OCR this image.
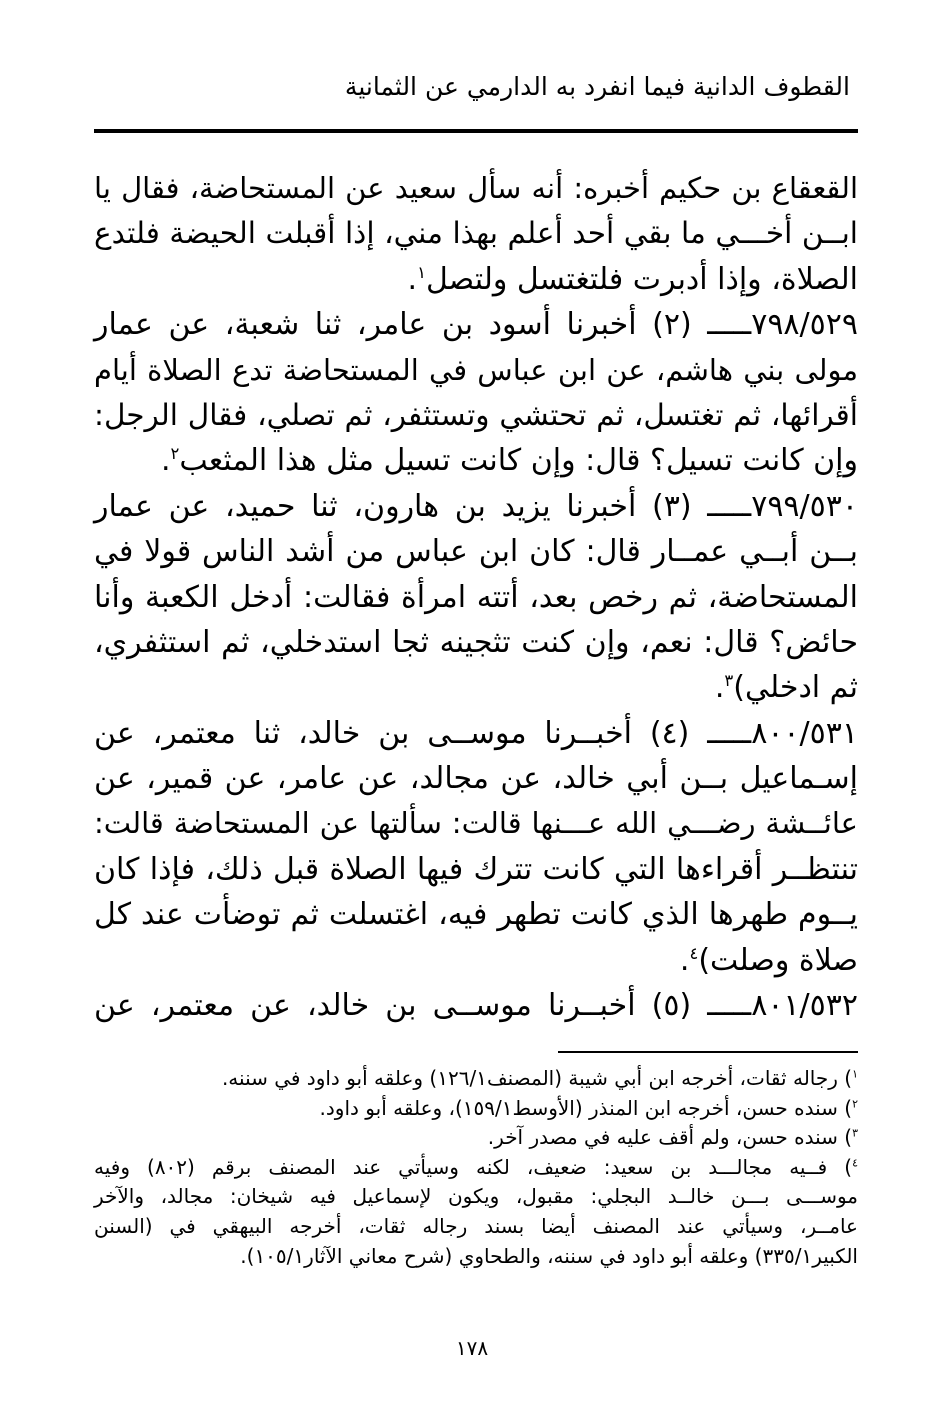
القطوف الدانية فيما انفرد به الدارمي عن الثمانية
القعقاع بن حكيم أخبره: أنه سأل سعيد عن المستحاضة، فقال يا
ابــن أخـــي ما بقي أحد أعلم بهذا مني، إذا أقبلت الحيضة فلتدع
الصلاة، وإذا أدبرت فلتغتسل ولتصل$^١$.
٧٩٨/٥٢٩ـــــ (٢) أخبرنا أسود بن عامر، ثنا شعبة، عن عمار
مولى بني هاشم، عن ابن عباس في المستحاضة تدع الصلاة أيام
أقرائها، ثم تغتسل، ثم تحتشي وتستثفر، ثم تصلي، فقال الرجل:
وإن كانت تسيل؟ قال: وإن كانت تسيل مثل هذا المثعب$^٢$.
٧٩٩/٥٣٠ـــــ (٣) أخبرنا يزيد بن هارون، ثنا حميد، عن عمار
بــن أبــي عمــار قال: كان ابن عباس من أشد الناس قولا في
المستحاضة، ثم رخص بعد، أتته امرأة فقالت: أدخل الكعبة وأنا
حائض؟ قال: نعم، وإن كنت تثجينه ثجا استدخلي، ثم استثفري،
ثم ادخلي)$^٣$.
٨٠٠/٥٣١ـــــ (٤) أخبــرنا موســى بن خالد، ثنا معتمر، عن
إسـماعيل بــن أبي خالد، عن مجالد، عن عامر، عن قمير، عن
عائــشة رضـــي الله عـــنها قالت: سألتها عن المستحاضة قالت:
تنتظــر أقراءها التي كانت تترك فيها الصلاة قبل ذلك، فإذا كان
يــوم طهرها الذي كانت تطهر فيه، اغتسلت ثم توضأت عند كل
صلاة وصلت)$^٤$.
٨٠١/٥٣٢ـــــ (٥) أخبــرنا موســى بن خالد، عن معتمر، عن
$^١$) رجاله ثقات، أخرجه ابن أبي شيبة (المصنف١٢٦/١) وعلقه أبو داود في سننه.
$^٢$) سنده حسن، أخرجه ابن المنذر (الأوسط١٥٩/١)، وعلقه أبو داود.
$^٣$) سنده حسن، ولم أقف عليه في مصدر آخر.
$^٤$) فــيه مجالـــد بن سعيد: ضعيف، لكنه وسيأتي عند المصنف برقم (٨٠٢) وفيه
موســـى بـــن خالــد البجلي: مقبول، ويكون لإسماعيل فيه شيخان: مجالد، والآخر
عامــر، وسيأتي عند المصنف أيضا بسند رجاله ثقات، أخرجه البيهقي في (السنن
الكبير٣٣٥/١) وعلقه أبو داود في سننه، والطحاوي (شرح معاني الآثار١٠٥/١).
١٧٨
